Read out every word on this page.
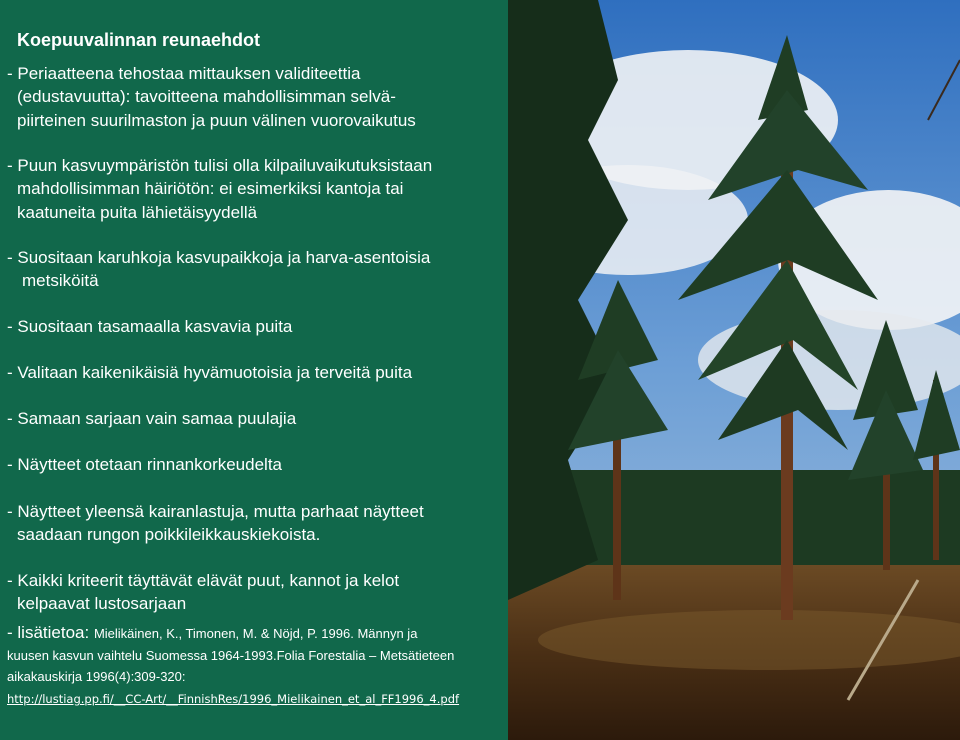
Koepuuvalinnan reunaehdot
- Periaatteena tehostaa mittauksen validiteettia
(edustavuutta): tavoitteena mahdollisimman selvä-
piirteinen suurilmaston ja puun välinen vuorovaikutus
- Puun kasvuympäristön tulisi olla kilpailuvaikutuksistaan
mahdollisimman häiriötön: ei esimerkiksi kantoja tai
kaatuneita puita lähietäisyydellä
- Suositaan karuhkoja kasvupaikkoja ja harva-asentoisia
metsiköitä
- Suositaan tasamaalla kasvavia puita
- Valitaan kaikenikäisiä hyvämuotoisia ja terveitä puita
- Samaan sarjaan vain samaa puulajia
- Näytteet otetaan rinnankorkeudelta
- Näytteet yleensä kairanlastuja, mutta parhaat näytteet
saadaan rungon poikkileikkauskiekoista.
- Kaikki kriteerit täyttävät elävät puut, kannot ja kelot
kelpaavat lustosarjaan
- lisätietoa: Mielikäinen, K., Timonen, M. & Nöjd, P. 1996. Männyn ja
kuusen kasvun vaihtelu Suomessa 1964-1993.Folia Forestalia – Metsätieteen
aikakauskirja 1996(4):309-320:
http://lustiag.pp.fi/__CC-Art/__FinnishRes/1996_Mielikainen_et_al_FF1996_4.pdf
